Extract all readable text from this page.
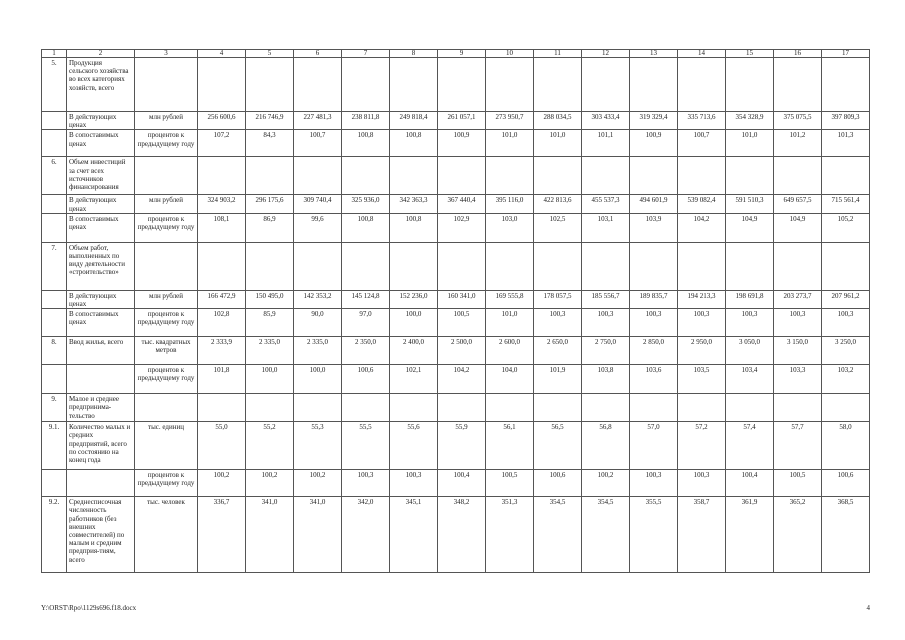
1	2	3	4	5	6	7	8	9	10	11	12	13	14	15	16	17
5.	Продукция сельского хозяйства во всех категориях хозяйств, всего															
	В действующих ценах	млн рублей	256 600,6	216 746,9	227 481,3	238 811,8	249 818,4	261 057,1	273 950,7	288 034,5	303 433,4	319 329,4	335 713,6	354 328,9	375 075,5	397 809,3
	В сопоставимых ценах	процентов к предыдущему году	107,2	84,3	100,7	100,8	100,8	100,9	101,0	101,0	101,1	100,9	100,7	101,0	101,2	101,3
6.	Объем инвестиций за счет всех источников финансирования															
	В действующих ценах	млн рублей	324 903,2	296 175,6	309 740,4	325 936,0	342 363,3	367 440,4	395 116,0	422 813,6	455 537,3	494 601,9	539 082,4	591 510,3	649 657,5	715 561,4
	В сопоставимых ценах	процентов к предыдущему году	108,1	86,9	99,6	100,8	100,8	102,9	103,0	102,5	103,1	103,9	104,2	104,9	104,9	105,2
7.	Объем работ, выполненных по виду деятельности «строительство»															
	В действующих ценах	млн рублей	166 472,9	150 495,0	142 353,2	145 124,8	152 236,0	160 341,0	169 555,8	178 057,5	185 556,7	189 835,7	194 213,3	198 691,8	203 273,7	207 961,2
	В сопоставимых ценах	процентов к предыдущему году	102,8	85,9	90,0	97,0	100,0	100,5	101,0	100,3	100,3	100,3	100,3	100,3	100,3	100,3
8.	Ввод жилья, всего	тыс. квадратных метров	2 333,9	2 335,0	2 335,0	2 350,0	2 400,0	2 500,0	2 600,0	2 650,0	2 750,0	2 850,0	2 950,0	3 050,0	3 150,0	3 250,0
		процентов к предыдущему году	101,8	100,0	100,0	100,6	102,1	104,2	104,0	101,9	103,8	103,6	103,5	103,4	103,3	103,2
9.	Малое и среднее предпринима-тельство															
9.1.	Количество малых и средних предприятий, всего по состоянию на конец года	тыс. единиц	55,0	55,2	55,3	55,5	55,6	55,9	56,1	56,5	56,8	57,0	57,2	57,4	57,7	58,0
		процентов к предыдущему году	100,2	100,2	100,2	100,3	100,3	100,4	100,5	100,6	100,2	100,3	100,3	100,4	100,5	100,6
9.2.	Среднесписочная численность работников (без внешних совместителей) по малым и средним предприя-тиям, всего	тыс. человек	336,7	341,0	341,0	342,0	345,1	348,2	351,3	354,5	354,5	355,5	358,7	361,9	365,2	368,5
Y:\ORST\Rpo\1129s696.f18.docx	4
